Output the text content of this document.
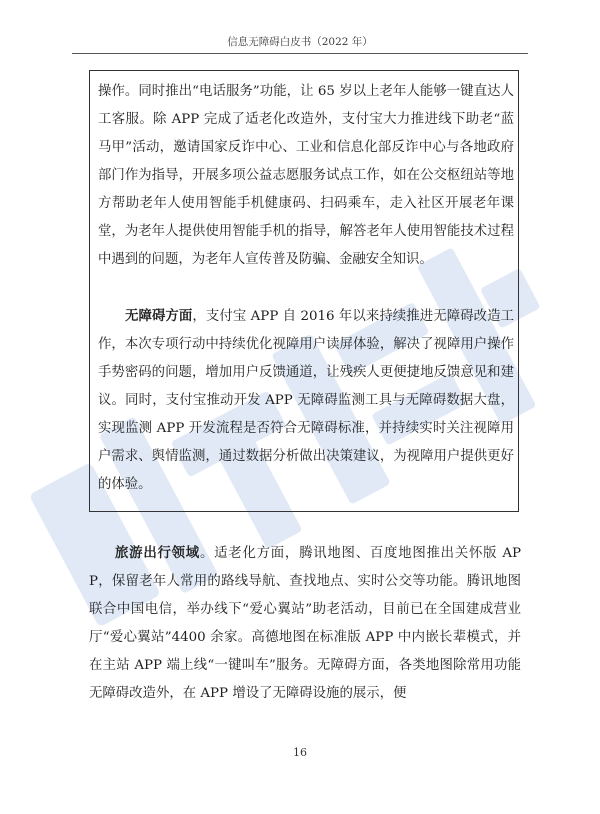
信息无障碍白皮书（2022 年）

操作。同时推出“电话服务”功能，让 65 岁以上老年人能够一键直达人工客服。除 APP 完成了适老化改造外，支付宝大力推进线下助老“蓝马甲”活动，邀请国家反诈中心、工业和信息化部反诈中心与各地政府部门作为指导，开展多项公益志愿服务试点工作，如在公交枢纽站等地方帮助老年人使用智能手机健康码、扫码乘车，走入社区开展老年课堂，为老年人提供使用智能手机的指导，解答老年人使用智能技术过程中遇到的问题，为老年人宣传普及防骗、金融安全知识。

无障碍方面，支付宝 APP 自 2016 年以来持续推进无障碍改造工作，本次专项行动中持续优化视障用户读屏体验，解决了视障用户操作手势密码的问题，增加用户反馈通道，让残疾人更便捷地反馈意见和建议。同时，支付宝推动开发 APP 无障碍监测工具与无障碍数据大盘，实现监测 APP 开发流程是否符合无障碍标准，并持续实时关注视障用户需求、舆情监测，通过数据分析做出决策建议，为视障用户提供更好的体验。

旅游出行领域。适老化方面，腾讯地图、百度地图推出关怀版 APP，保留老年人常用的路线导航、查找地点、实时公交等功能。腾讯地图联合中国电信，举办线下“爱心翼站”助老活动，目前已在全国建成营业厅“爱心翼站”4400 余家。高德地图在标准版 APP 中内嵌长辈模式，并在主站 APP 端上线“一键叫车”服务。无障碍方面，各类地图除常用功能无障碍改造外，在 APP 增设了无障碍设施的展示，便

16
